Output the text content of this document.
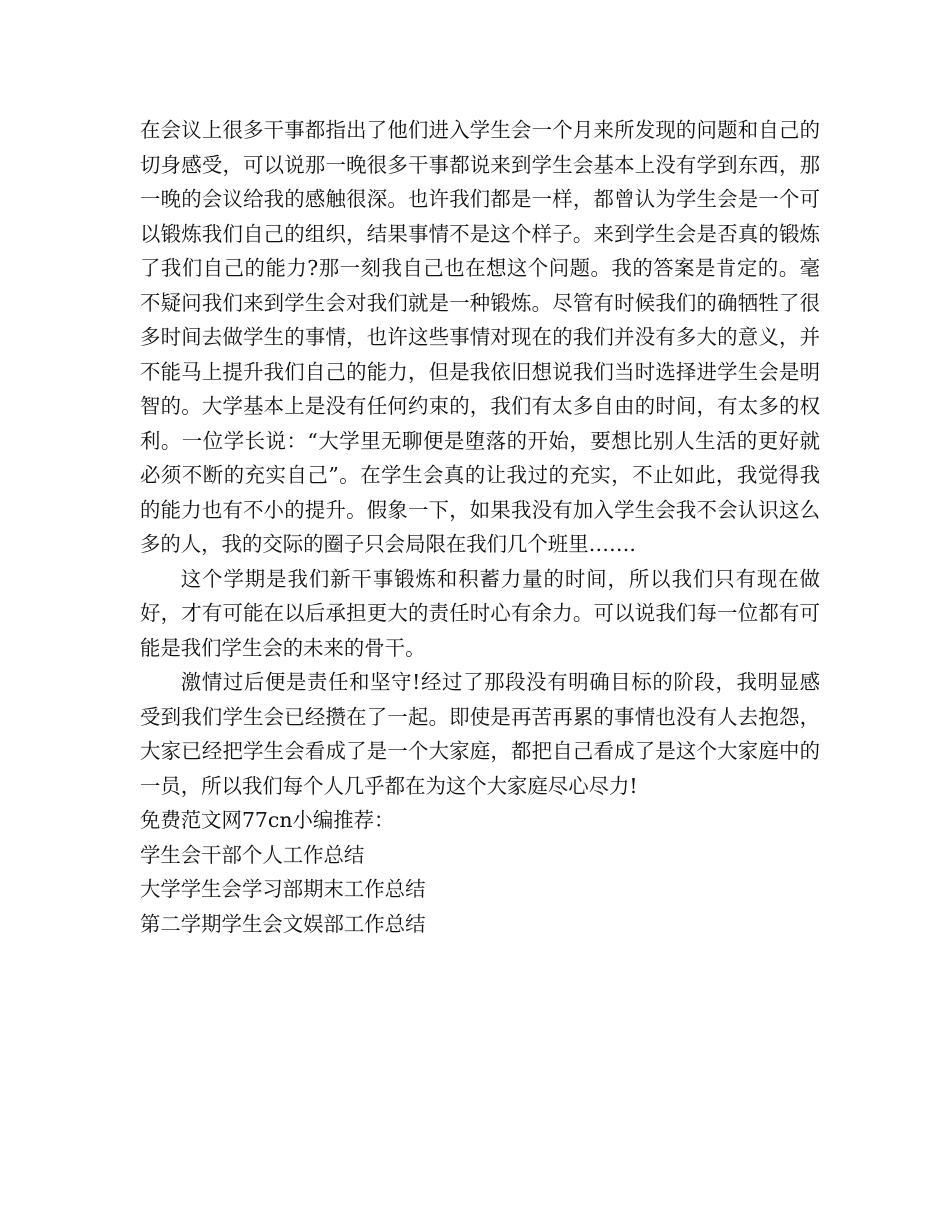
在会议上很多干事都指出了他们进入学生会一个月来所发现的问题和自己的切身感受，可以说那一晚很多干事都说来到学生会基本上没有学到东西，那一晚的会议给我的感触很深。也许我们都是一样，都曾认为学生会是一个可以锻炼我们自己的组织，结果事情不是这个样子。来到学生会是否真的锻炼了我们自己的能力?那一刻我自己也在想这个问题。我的答案是肯定的。毫不疑问我们来到学生会对我们就是一种锻炼。尽管有时候我们的确牺牲了很多时间去做学生的事情，也许这些事情对现在的我们并没有多大的意义，并不能马上提升我们自己的能力，但是我依旧想说我们当时选择进学生会是明智的。大学基本上是没有任何约束的，我们有太多自由的时间，有太多的权利。一位学长说：“大学里无聊便是堕落的开始，要想比别人生活的更好就必须不断的充实自己”。在学生会真的让我过的充实，不止如此，我觉得我的能力也有不小的提升。假象一下，如果我没有加入学生会我不会认识这么多的人，我的交际的圈子只会局限在我们几个班里…….

这个学期是我们新干事锻炼和积蓄力量的时间，所以我们只有现在做好，才有可能在以后承担更大的责任时心有余力。可以说我们每一位都有可能是我们学生会的未来的骨干。

激情过后便是责任和坚守!经过了那段没有明确目标的阶段，我明显感受到我们学生会已经攒在了一起。即使是再苦再累的事情也没有人去抱怨，大家已经把学生会看成了是一个大家庭，都把自己看成了是这个大家庭中的一员，所以我们每个人几乎都在为这个大家庭尽心尽力!

免费范文网77cn小编推荐：

学生会干部个人工作总结
大学学生会学习部期末工作总结
第二学期学生会文娱部工作总结
